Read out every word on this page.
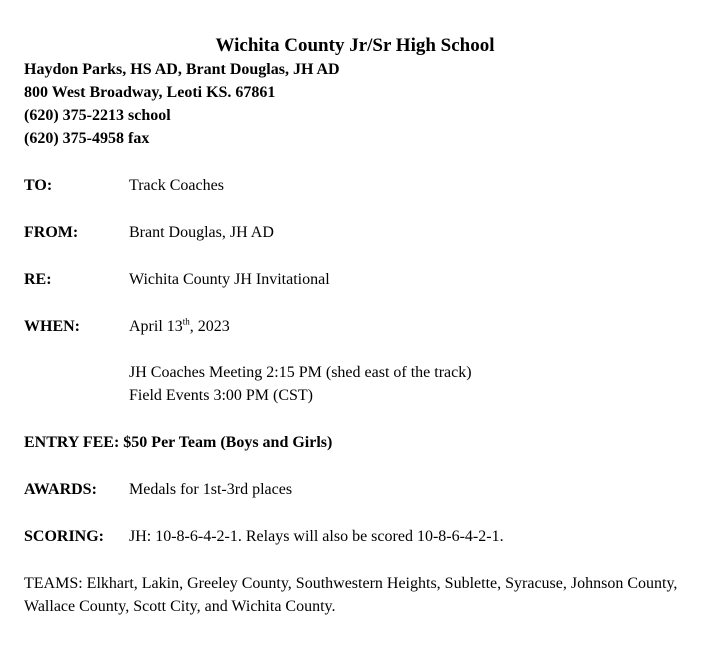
Wichita County Jr/Sr High School
Haydon Parks, HS AD, Brant Douglas, JH AD
800 West Broadway, Leoti KS. 67861
(620) 375-2213 school
(620) 375-4958 fax
TO:	Track Coaches
FROM:	Brant Douglas, JH AD
RE:	Wichita County JH Invitational
WHEN:	April 13th, 2023
JH Coaches Meeting 2:15 PM (shed east of the track)
Field Events 3:00 PM (CST)
ENTRY FEE: $50 Per Team (Boys and Girls)
AWARDS:	Medals for 1st-3rd places
SCORING:	JH: 10-8-6-4-2-1. Relays will also be scored 10-8-6-4-2-1.
TEAMS: Elkhart, Lakin, Greeley County, Southwestern Heights, Sublette, Syracuse, Johnson County, Wallace County, Scott City, and Wichita County.
